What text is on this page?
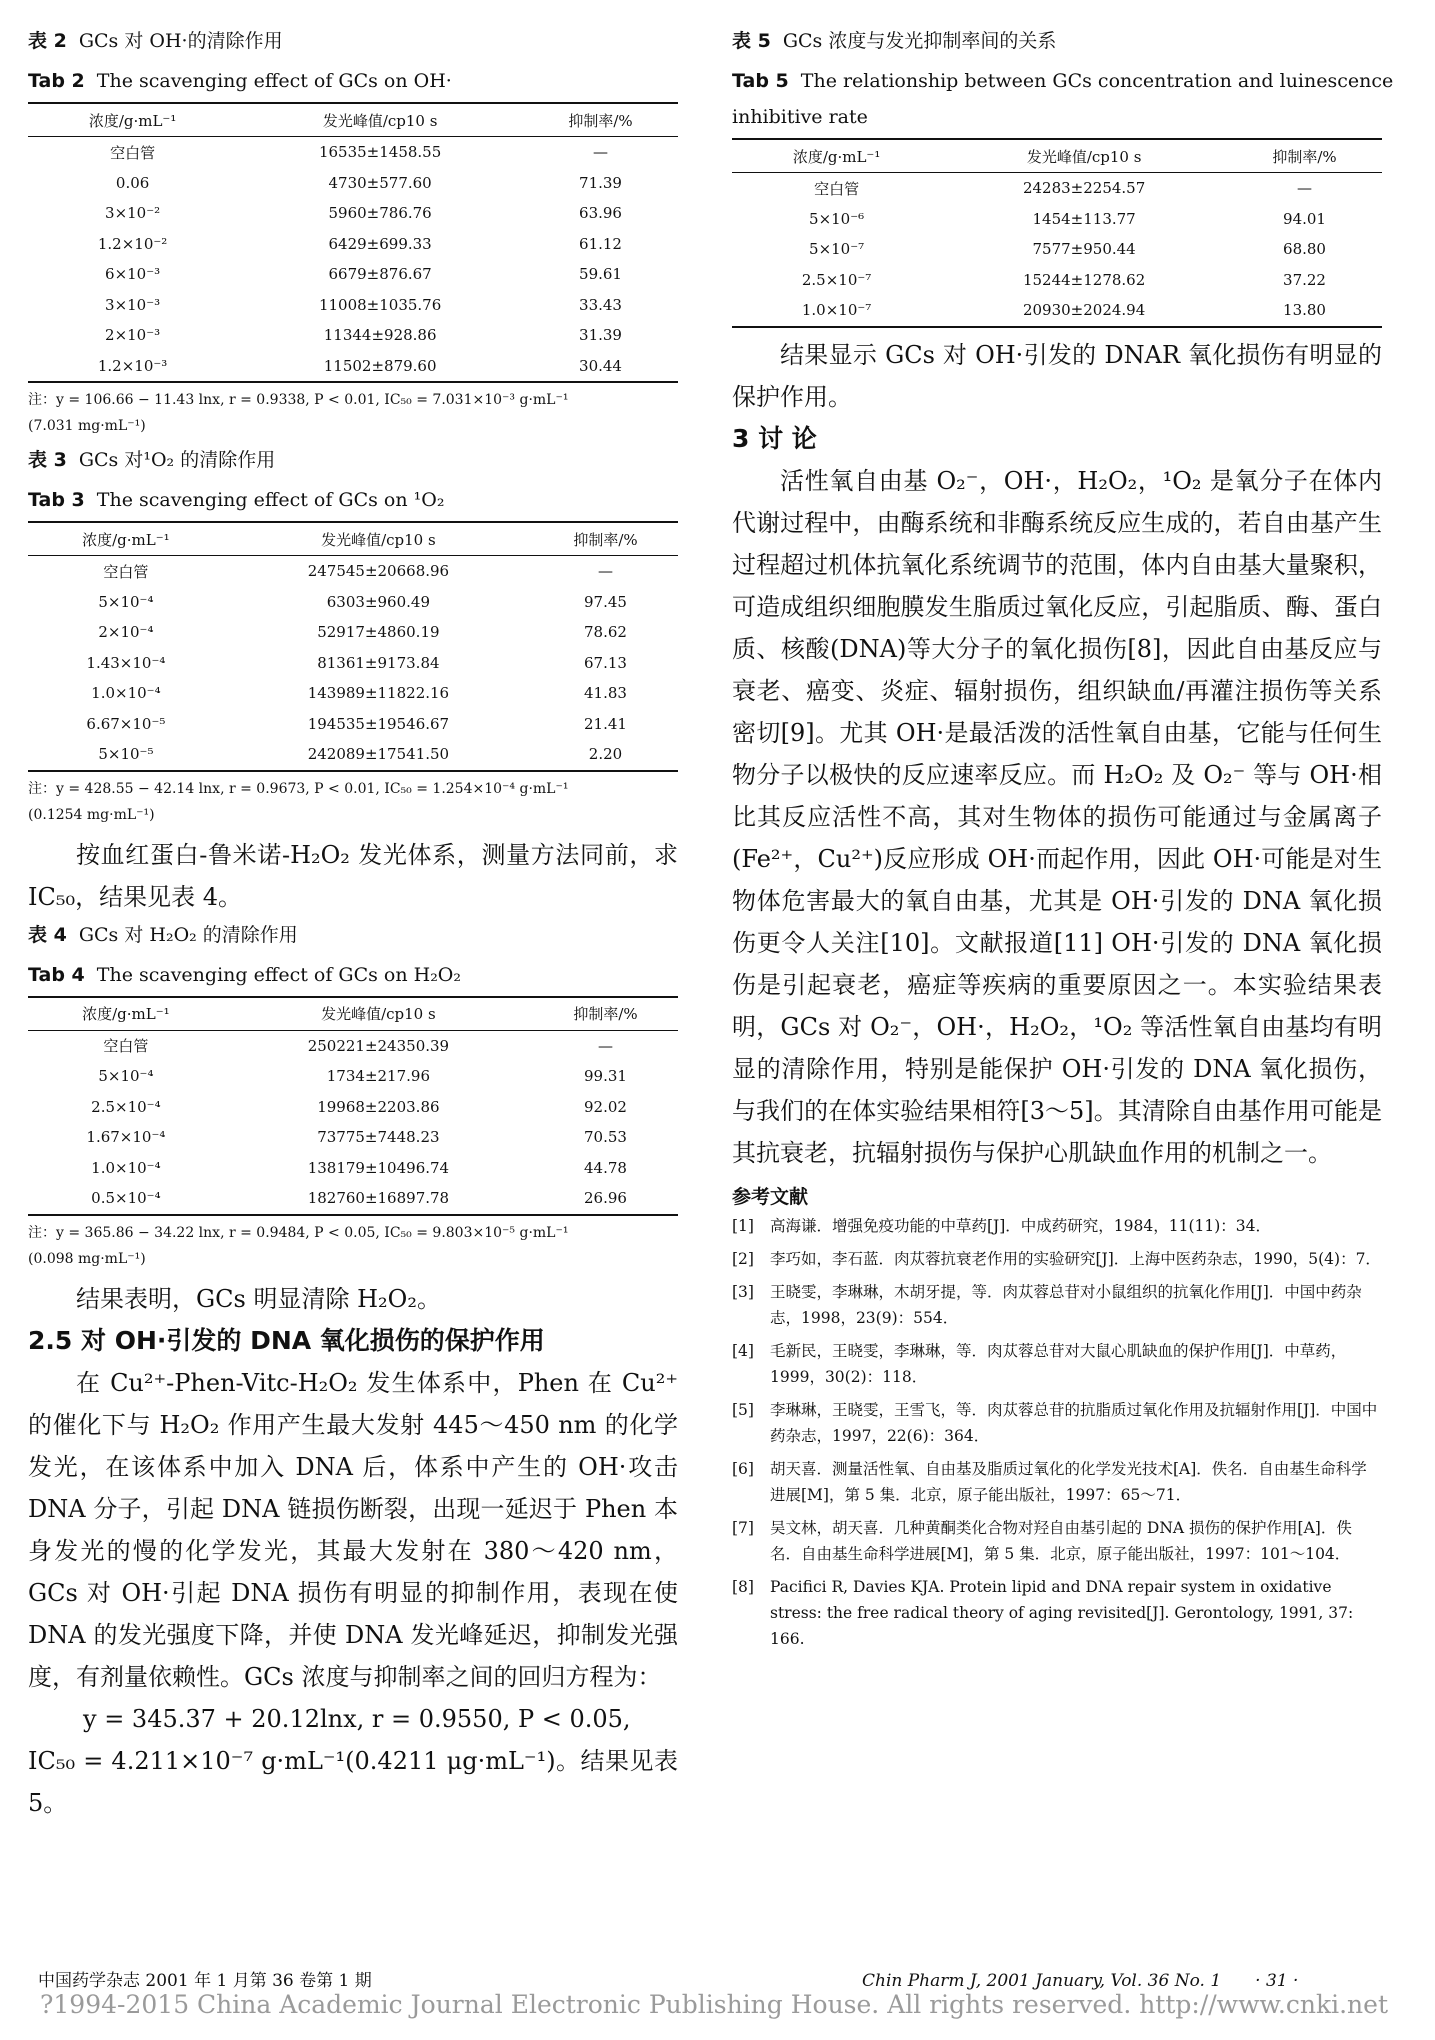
表 2 GCs 对 OH·的清除作用

Tab 2 The scavenging effect of GCs on OH·

浓度/g·mL⁻¹	发光峰值/cp10 s	抑制率/%
空白管	16535±1458.55	—
0.06	4730±577.60	71.39
3×10⁻²	5960±786.76	63.96
1.2×10⁻²	6429±699.33	61.12
6×10⁻³	6679±876.67	59.61
3×10⁻³	11008±1035.76	33.43
2×10⁻³	11344±928.86	31.39
1.2×10⁻³	11502±879.60	30.44

注：y = 106.66 − 11.43 lnx, r = 0.9338, P < 0.01, IC₅₀ = 7.031×10⁻³ g·mL⁻¹
(7.031 mg·mL⁻¹)

表 3 GCs 对¹O₂ 的清除作用

Tab 3 The scavenging effect of GCs on ¹O₂

浓度/g·mL⁻¹	发光峰值/cp10 s	抑制率/%
空白管	247545±20668.96	—
5×10⁻⁴	6303±960.49	97.45
2×10⁻⁴	52917±4860.19	78.62
1.43×10⁻⁴	81361±9173.84	67.13
1.0×10⁻⁴	143989±11822.16	41.83
6.67×10⁻⁵	194535±19546.67	21.41
5×10⁻⁵	242089±17541.50	2.20

注：y = 428.55 − 42.14 lnx, r = 0.9673, P < 0.01, IC₅₀ = 1.254×10⁻⁴ g·mL⁻¹
(0.1254 mg·mL⁻¹)

按血红蛋白-鲁米诺-H₂O₂ 发光体系，测量方法同前，求 IC₅₀，结果见表 4。

表 4 GCs 对 H₂O₂ 的清除作用

Tab 4 The scavenging effect of GCs on H₂O₂

浓度/g·mL⁻¹	发光峰值/cp10 s	抑制率/%
空白管	250221±24350.39	—
5×10⁻⁴	1734±217.96	99.31
2.5×10⁻⁴	19968±2203.86	92.02
1.67×10⁻⁴	73775±7448.23	70.53
1.0×10⁻⁴	138179±10496.74	44.78
0.5×10⁻⁴	182760±16897.78	26.96

注：y = 365.86 − 34.22 lnx, r = 0.9484, P < 0.05, IC₅₀ = 9.803×10⁻⁵ g·mL⁻¹
(0.098 mg·mL⁻¹)

结果表明，GCs 明显清除 H₂O₂。

2.5 对 OH·引发的 DNA 氧化损伤的保护作用

在 Cu²⁺-Phen-Vitc-H₂O₂ 发生体系中，Phen 在 Cu²⁺的催化下与 H₂O₂ 作用产生最大发射 445～450 nm 的化学发光，在该体系中加入 DNA 后，体系中产生的 OH·攻击 DNA 分子，引起 DNA 链损伤断裂，出现一延迟于 Phen 本身发光的慢的化学发光，其最大发射在 380～420 nm，GCs 对 OH·引起 DNA 损伤有明显的抑制作用，表现在使 DNA 的发光强度下降，并使 DNA 发光峰延迟，抑制发光强度，有剂量依赖性。GCs 浓度与抑制率之间的回归方程为：

y = 345.37 + 20.12lnx, r = 0.9550, P < 0.05,

IC₅₀ = 4.211×10⁻⁷ g·mL⁻¹(0.4211 μg·mL⁻¹)。结果见表 5。

表 5 GCs 浓度与发光抑制率间的关系

Tab 5 The relationship between GCs concentration and luinescence

inhibitive rate

浓度/g·mL⁻¹	发光峰值/cp10 s	抑制率/%
空白管	24283±2254.57	—
5×10⁻⁶	1454±113.77	94.01
5×10⁻⁷	7577±950.44	68.80
2.5×10⁻⁷	15244±1278.62	37.22
1.0×10⁻⁷	20930±2024.94	13.80

结果显示 GCs 对 OH·引发的 DNAR 氧化损伤有明显的保护作用。

3 讨 论

活性氧自由基 O₂⁻，OH·，H₂O₂，¹O₂ 是氧分子在体内代谢过程中，由酶系统和非酶系统反应生成的，若自由基产生过程超过机体抗氧化系统调节的范围，体内自由基大量聚积，可造成组织细胞膜发生脂质过氧化反应，引起脂质、酶、蛋白质、核酸(DNA)等大分子的氧化损伤[8]，因此自由基反应与衰老、癌变、炎症、辐射损伤，组织缺血/再灌注损伤等关系密切[9]。尤其 OH·是最活泼的活性氧自由基，它能与任何生物分子以极快的反应速率反应。而 H₂O₂ 及 O₂⁻ 等与 OH·相比其反应活性不高，其对生物体的损伤可能通过与金属离子(Fe²⁺，Cu²⁺)反应形成 OH·而起作用，因此 OH·可能是对生物体危害最大的氧自由基，尤其是 OH·引发的 DNA 氧化损伤更令人关注[10]。文献报道[11] OH·引发的 DNA 氧化损伤是引起衰老，癌症等疾病的重要原因之一。本实验结果表明，GCs 对 O₂⁻，OH·，H₂O₂，¹O₂ 等活性氧自由基均有明显的清除作用，特别是能保护 OH·引发的 DNA 氧化损伤，与我们的在体实验结果相符[3～5]。其清除自由基作用可能是其抗衰老，抗辐射损伤与保护心肌缺血作用的机制之一。

参考文献

[1]	高海谦．增强免疫功能的中草药[J]．中成药研究，1984，11(11)：34．
[2]	李巧如，李石蓝．肉苁蓉抗衰老作用的实验研究[J]．上海中医药杂志，1990，5(4)：7．
[3]	王晓雯，李琳琳，木胡牙提，等．肉苁蓉总苷对小鼠组织的抗氧化作用[J]．中国中药杂志，1998，23(9)：554．
[4]	毛新民，王晓雯，李琳琳，等．肉苁蓉总苷对大鼠心肌缺血的保护作用[J]．中草药，1999，30(2)：118．
[5]	李琳琳，王晓雯，王雪飞，等．肉苁蓉总苷的抗脂质过氧化作用及抗辐射作用[J]．中国中药杂志，1997，22(6)：364．
[6]	胡天喜．测量活性氧、自由基及脂质过氧化的化学发光技术[A]．佚名．自由基生命科学进展[M]，第 5 集．北京，原子能出版社，1997：65～71．
[7]	吴文林，胡天喜．几种黄酮类化合物对羟自由基引起的 DNA 损伤的保护作用[A]．佚名．自由基生命科学进展[M]，第 5 集．北京，原子能出版社，1997：101～104．
[8]	Pacifici R, Davies KJA. Protein lipid and DNA repair system in oxidative stress: the free radical theory of aging revisited[J]. Gerontology, 1991, 37: 166.
中国药学杂志 2001 年 1 月第 36 卷第 1 期	Chin Pharm J, 2001 January, Vol. 36 No. 1　　· 31 ·
?1994-2015 China Academic Journal Electronic Publishing House. All rights reserved. http://www.cnki.net
